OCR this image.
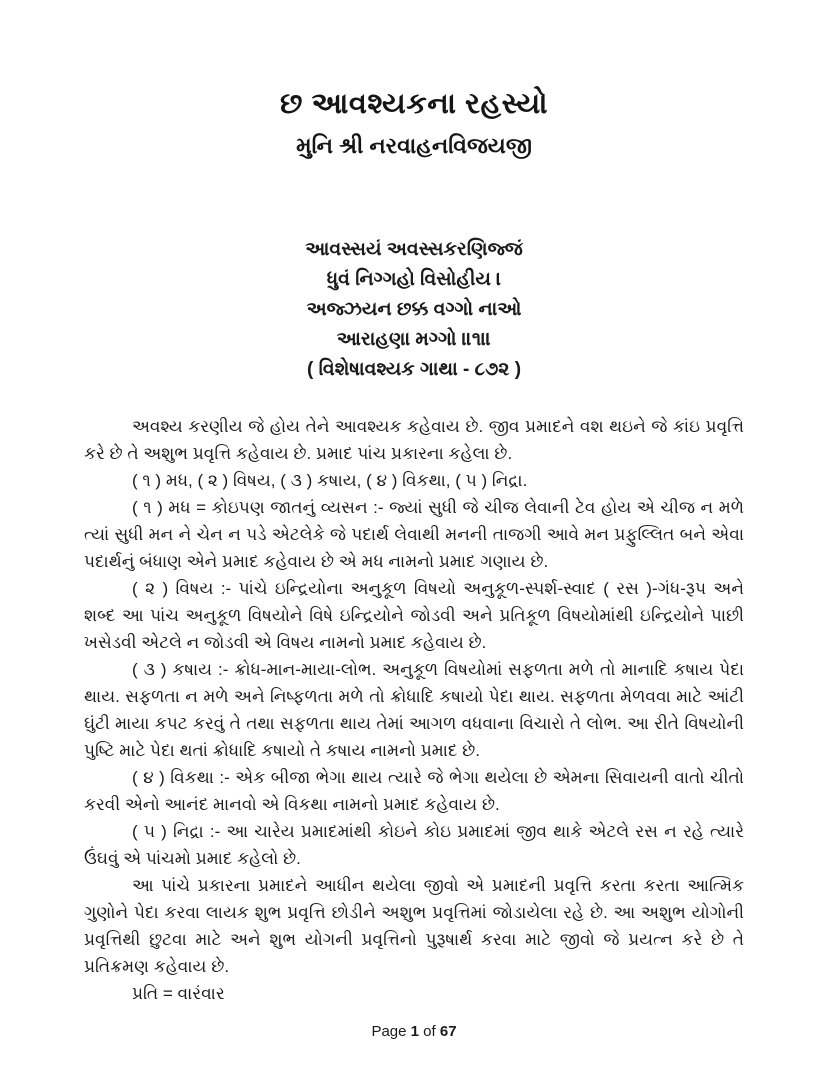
છ આવશ્યકના રહસ્યો
મુનિ શ્રી નરવાહનવિજયજી
આવસ્સયં અવસ્સકરણિજ્જં
ધુવં નિગ્ગહો વિસોહીય ।
અજ્ઝયન છક્ક વગ્ગો નાઓ
આરાહણા મગ્ગો ॥૧॥
( વિશેષાવશ્યક ગાથા - ૮૭૨ )

અવશ્ય કરણીય જે હોય તેને આવશ્યક કહેવાય છે. જીવ પ્રમાદને વશ થઇને જે કાંઇ પ્રવૃત્તિ કરે છે તે અશુભ પ્રવૃત્તિ કહેવાય છે. પ્રમાદ પાંચ પ્રકારના કહેલા છે.

( ૧ ) મધ, ( ૨ ) વિષય, ( ૩ ) કષાય, ( ૪ ) વિકથા, ( ૫ ) નિદ્રા.

( ૧ ) મધ = કોઇપણ જાતનું વ્યસન :- જ્યાં સુધી જે ચીજ લેવાની ટેવ હોય એ ચીજ ન મળે ત્યાં સુધી મન ને ચેન ન પડે એટલેકે જે પદાર્થ લેવાથી મનની તાજગી આવે મન પ્રફુલ્લિત બને એવા પદાર્થનું બંધાણ એને પ્રમાદ કહેવાય છે એ મધ નામનો પ્રમાદ ગણાય છે.

( ૨ ) વિષય :- પાંચે ઇન્દ્રિયોના અનુકૂળ વિષયો અનુકૂળ-સ્પર્શ-સ્વાદ ( રસ )-ગંધ-રૂપ અને શબ્દ આ પાંચ અનુકૂળ વિષયોને વિષે ઇન્દ્રિયોને જોડવી અને પ્રતિકૂળ વિષયોમાંથી ઇન્દ્રિયોને પાછી ખસેડવી એટલે ન જોડવી એ વિષય નામનો પ્રમાદ કહેવાય છે.

( ૩ ) કષાય :- ક્રોધ-માન-માયા-લોભ. અનુકૂળ વિષયોમાં સફળતા મળે તો માનાદિ કષાય પેદા થાય. સફળતા ન મળે અને નિષ્ફળતા મળે તો ક્રોધાદિ કષાયો પેદા થાય. સફળતા મેળવવા માટે આંટી ઘુંટી માયા કપટ કરવું તે તથા સફળતા થાય તેમાં આગળ વધવાના વિચારો તે લોભ. આ રીતે વિષયોની પુષ્ટિ માટે પેદા થતાં ક્રોધાદિ કષાયો તે કષાય નામનો પ્રમાદ છે.

( ૪ ) વિકથા :- એક બીજા ભેગા થાય ત્યારે જે ભેગા થયેલા છે એમના સિવાયની વાતો ચીતો કરવી એનો આનંદ માનવો એ વિકથા નામનો પ્રમાદ કહેવાય છે.

( ૫ ) નિદ્રા :- આ ચારેય પ્રમાદમાંથી કોઇને કોઇ પ્રમાદમાં જીવ થાકે એટલે રસ ન રહે ત્યારે ઉંઘવું એ પાંચમો પ્રમાદ કહેલો છે.

આ પાંચે પ્રકારના પ્રમાદને આધીન થયેલા જીવો એ પ્રમાદની પ્રવૃત્તિ કરતા કરતા આત્મિક ગુણોને પેદા કરવા લાયક શુભ પ્રવૃત્તિ છોડીને અશુભ પ્રવૃત્તિમાં જોડાયેલા રહે છે. આ અશુભ યોગોની પ્રવૃત્તિથી છુટવા માટે અને શુભ યોગની પ્રવૃત્તિનો પુરૂષાર્થ કરવા માટે જીવો જે પ્રયત્ન કરે છે તે પ્રતિક્રમણ કહેવાય છે.

પ્રતિ = વારંવાર

Page 1 of 67
